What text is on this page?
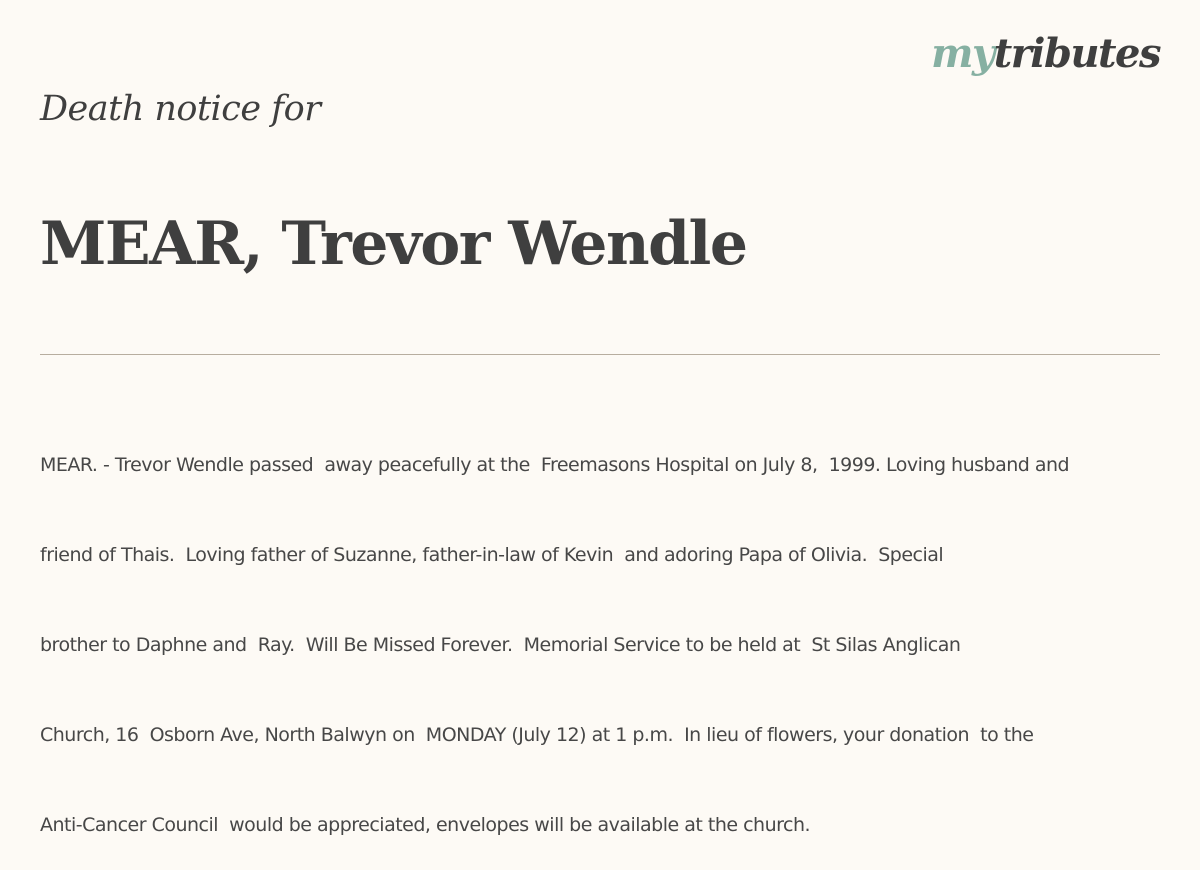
mytributes
Death notice for
MEAR, Trevor Wendle

MEAR. - Trevor Wendle passed  away peacefully at the  Freemasons Hospital on July 8,  1999. Loving husband and

friend of Thais.  Loving father of Suzanne, father-in-law of Kevin  and adoring Papa of Olivia.  Special

brother to Daphne and  Ray.  Will Be Missed Forever.  Memorial Service to be held at  St Silas Anglican

Church, 16  Osborn Ave, North Balwyn on  MONDAY (July 12) at 1 p.m.  In lieu of flowers, your donation  to the

Anti-Cancer Council  would be appreciated, envelopes will be available at the church.
